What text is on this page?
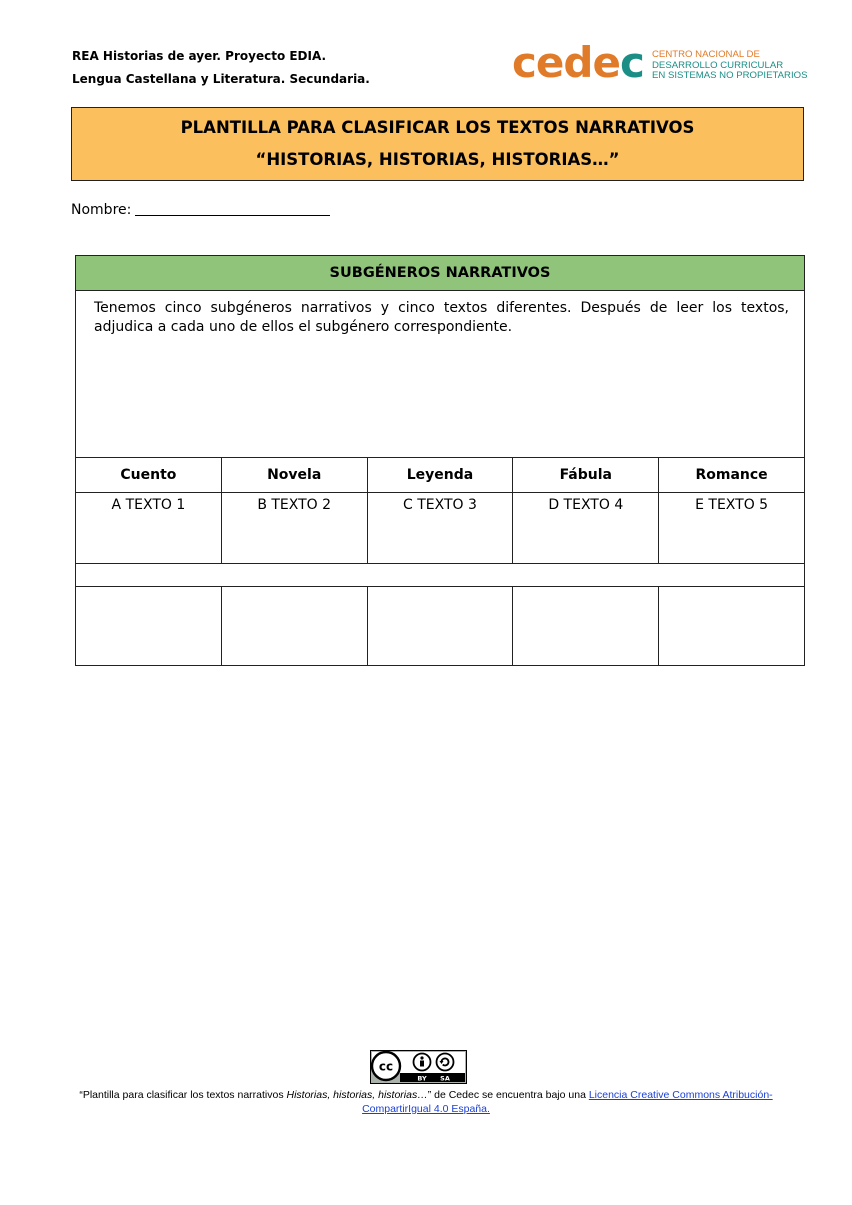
REA Historias de ayer. Proyecto EDIA.
Lengua Castellana y Literatura. Secundaria.	cedec CENTRO NACIONAL DE
DESARROLLO CURRICULAR
EN SISTEMAS NO PROPIETARIOS
PLANTILLA PARA CLASIFICAR LOS TEXTOS NARRATIVOS
“HISTORIAS, HISTORIAS, HISTORIAS…”
Nombre:
SUBGÉNEROS NARRATIVOS				
Tenemos cinco subgéneros narrativos y cinco textos diferentes. Después de leer los textos, adjudica a cada uno de ellos el subgénero correspondiente.				
Cuento	Novela	Leyenda	Fábula	Romance
A TEXTO 1	B TEXTO 2	C TEXTO 3	D TEXTO 4	E TEXTO 5

cc
BY SA
“Plantilla para clasificar los textos narrativos Historias, historias, historias…” de Cedec se encuentra bajo una Licencia Creative Commons Atribución-CompartirIgual 4.0 España.
